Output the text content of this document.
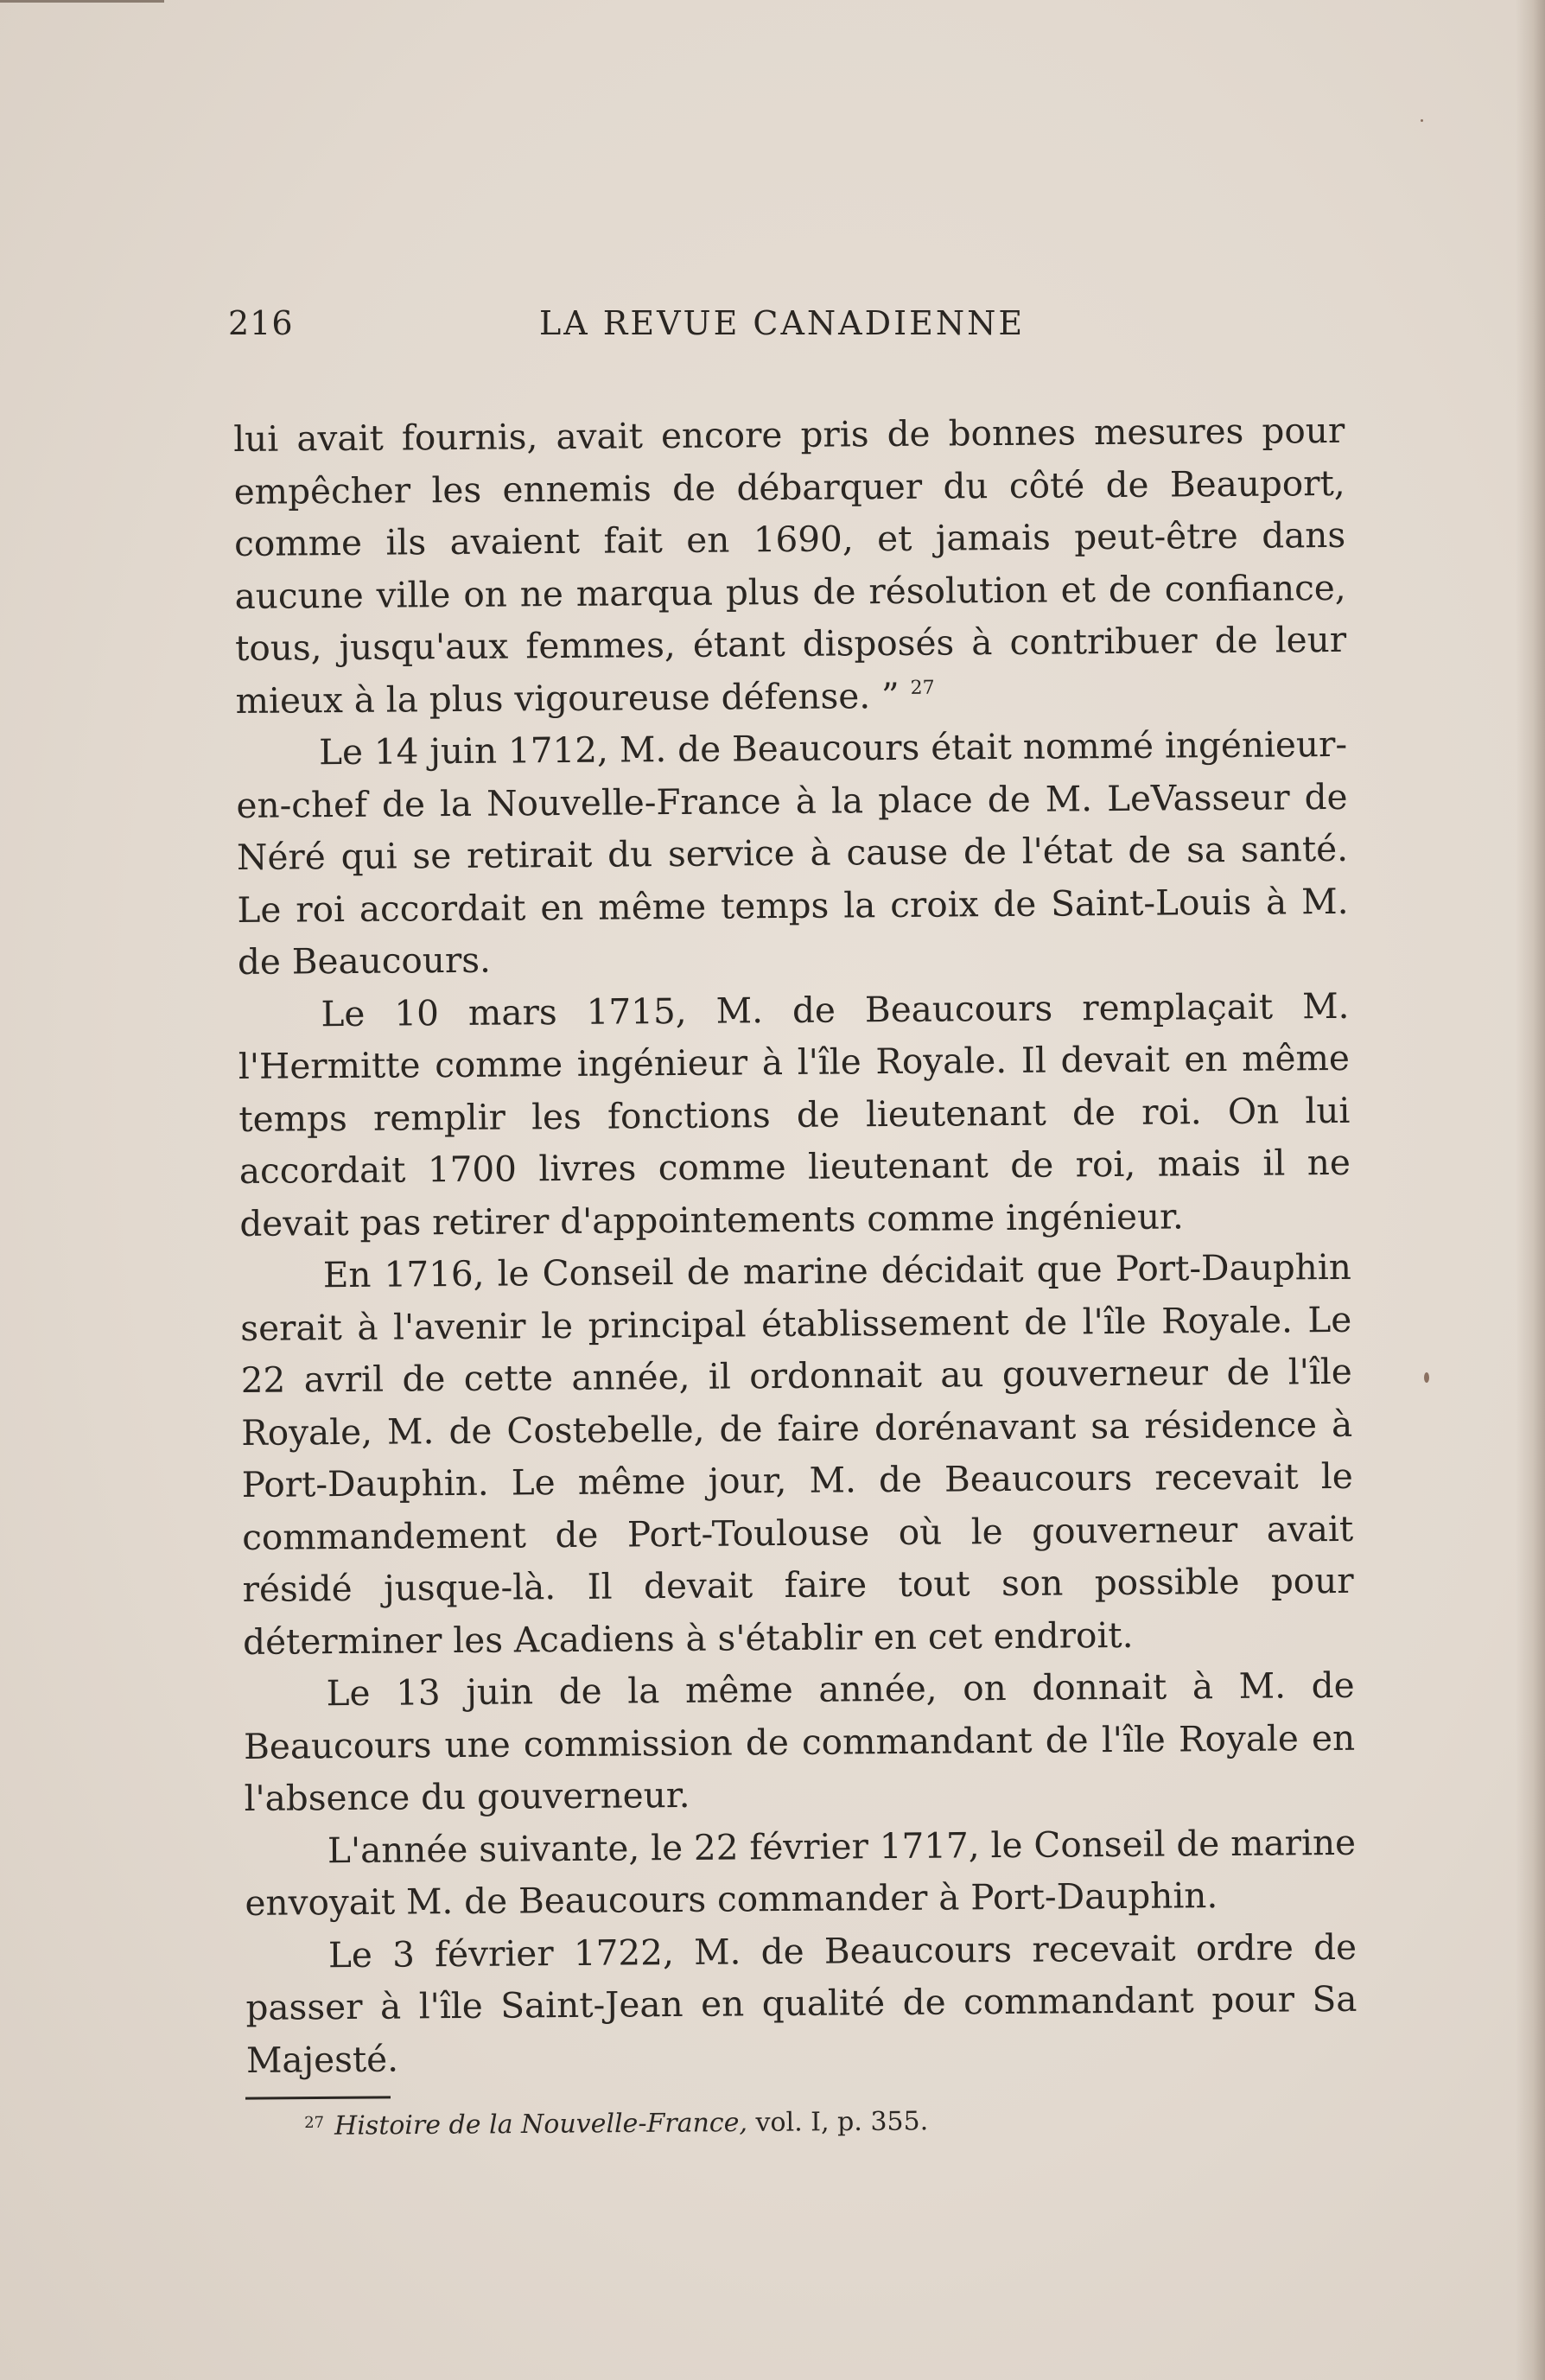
216	LA REVUE CANADIENNE

lui avait fournis, avait encore pris de bonnes mesures pour empêcher les ennemis de débarquer du côté de Beauport, comme ils avaient fait en 1690, et jamais peut-être dans aucune ville on ne marqua plus de résolution et de confiance, tous, jusqu'aux femmes, étant disposés à contribuer de leur mieux à la plus vigoureuse défense. ” $^{27}$

Le 14 juin 1712, M. de Beaucours était nommé ingénieur-en-chef de la Nouvelle-France à la place de M. LeVasseur de Néré qui se retirait du service à cause de l'état de sa santé. Le roi accordait en même temps la croix de Saint-Louis à M. de Beaucours.

Le 10 mars 1715, M. de Beaucours remplaçait M. l'Hermitte comme ingénieur à l'île Royale. Il devait en même temps remplir les fonctions de lieutenant de roi. On lui accordait 1700 livres comme lieutenant de roi, mais il ne devait pas retirer d'appointements comme ingénieur.

En 1716, le Conseil de marine décidait que Port-Dauphin serait à l'avenir le principal établissement de l'île Royale. Le 22 avril de cette année, il ordonnait au gouverneur de l'île Royale, M. de Costebelle, de faire dorénavant sa résidence à Port-Dauphin. Le même jour, M. de Beaucours recevait le commandement de Port-Toulouse où le gouverneur avait résidé jusque-là. Il devait faire tout son possible pour déterminer les Acadiens à s'établir en cet endroit.

Le 13 juin de la même année, on donnait à M. de Beaucours une commission de commandant de l'île Royale en l'absence du gouverneur.

L'année suivante, le 22 février 1717, le Conseil de marine envoyait M. de Beaucours commander à Port-Dauphin.

Le 3 février 1722, M. de Beaucours recevait ordre de passer à l'île Saint-Jean en qualité de commandant pour Sa Majesté.

$^{27}$ Histoire de la Nouvelle-France, vol. I, p. 355.
